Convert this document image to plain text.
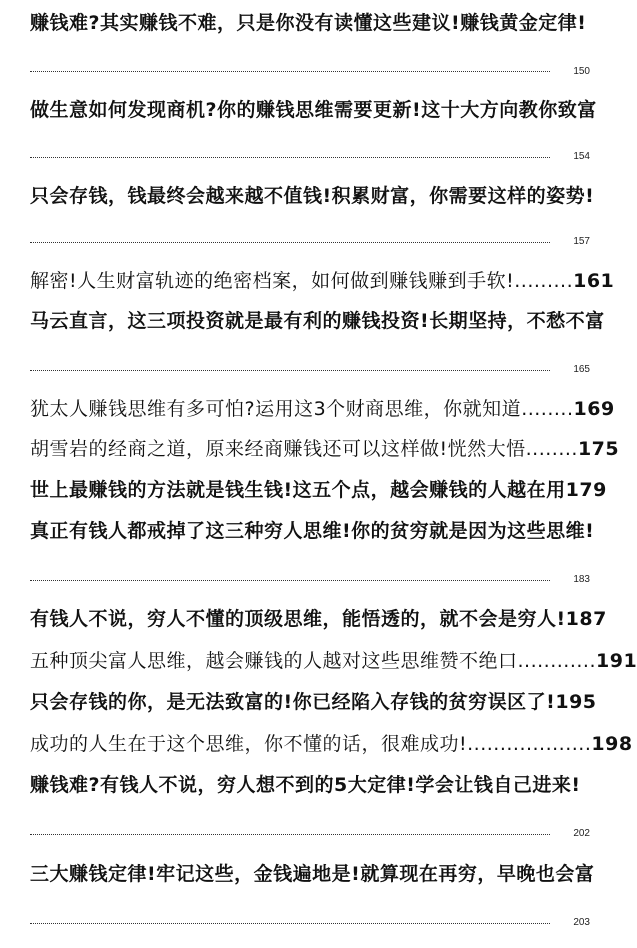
赚钱难?其实赚钱不难，只是你没有读懂这些建议!赚钱黄金定律!
150
做生意如何发现商机?你的赚钱思维需要更新!这十大方向教你致富
154
只会存钱，钱最终会越来越不值钱!积累财富，你需要这样的姿势!
157
解密!人生财富轨迹的绝密档案，如何做到赚钱赚到手软!.........161
马云直言，这三项投资就是最有利的赚钱投资!长期坚持，不愁不富
165
犹太人赚钱思维有多可怕?运用这3个财商思维，你就知道........169
胡雪岩的经商之道，原来经商赚钱还可以这样做!恍然大悟........175
世上最赚钱的方法就是钱生钱!这五个点，越会赚钱的人越在用179
真正有钱人都戒掉了这三种穷人思维!你的贫穷就是因为这些思维!
183
有钱人不说，穷人不懂的顶级思维，能悟透的，就不会是穷人!187
五种顶尖富人思维，越会赚钱的人越对这些思维赞不绝口............191
只会存钱的你，是无法致富的!你已经陷入存钱的贫穷误区了!195
成功的人生在于这个思维，你不懂的话，很难成功!...................198
赚钱难?有钱人不说，穷人想不到的5大定律!学会让钱自己进来!
202
三大赚钱定律!牢记这些，金钱遍地是!就算现在再穷，早晚也会富
203
